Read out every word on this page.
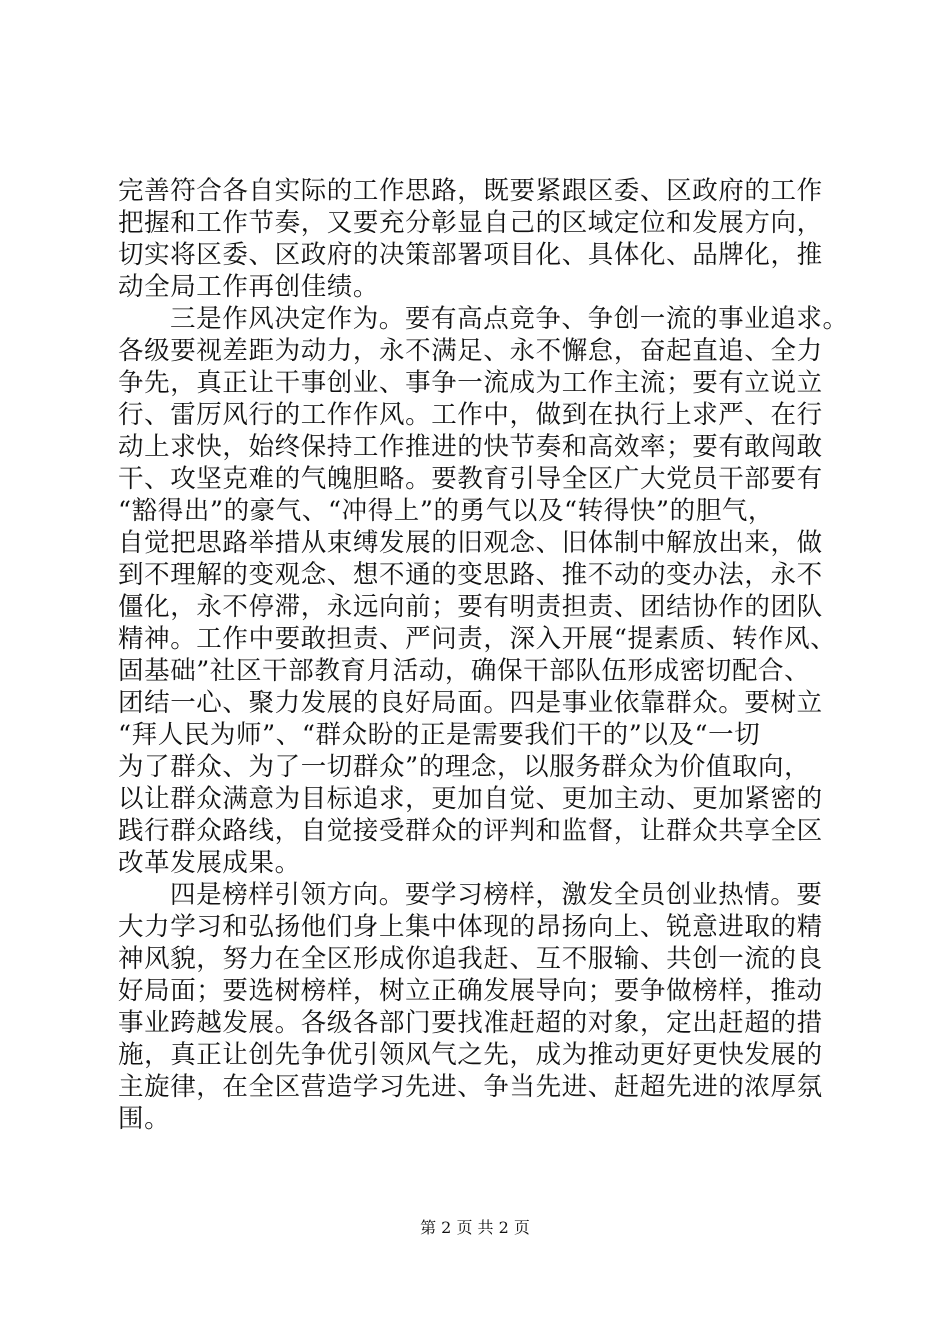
完善符合各自实际的工作思路，既要紧跟区委、区政府的工作
把握和工作节奏，又要充分彰显自己的区域定位和发展方向，
切实将区委、区政府的决策部署项目化、具体化、品牌化，推
动全局工作再创佳绩。
三是作风决定作为。要有高点竞争、争创一流的事业追求。
各级要视差距为动力，永不满足、永不懈怠，奋起直追、全力
争先，真正让干事创业、事争一流成为工作主流；要有立说立
行、雷厉风行的工作作风。工作中，做到在执行上求严、在行
动上求快，始终保持工作推进的快节奏和高效率；要有敢闯敢
干、攻坚克难的气魄胆略。要教育引导全区广大党员干部要有
“豁得出”的豪气、“冲得上”的勇气以及“转得快”的胆气，
自觉把思路举措从束缚发展的旧观念、旧体制中解放出来，做
到不理解的变观念、想不通的变思路、推不动的变办法，永不
僵化，永不停滞，永远向前；要有明责担责、团结协作的团队
精神。工作中要敢担责、严问责，深入开展“提素质、转作风、
固基础”社区干部教育月活动，确保干部队伍形成密切配合、
团结一心、聚力发展的良好局面。四是事业依靠群众。要树立
“拜人民为师”、“群众盼的正是需要我们干的”以及“一切
为了群众、为了一切群众”的理念，以服务群众为价值取向，
以让群众满意为目标追求，更加自觉、更加主动、更加紧密的
践行群众路线，自觉接受群众的评判和监督，让群众共享全区
改革发展成果。
四是榜样引领方向。要学习榜样，激发全员创业热情。要
大力学习和弘扬他们身上集中体现的昂扬向上、锐意进取的精
神风貌，努力在全区形成你追我赶、互不服输、共创一流的良
好局面；要选树榜样，树立正确发展导向；要争做榜样，推动
事业跨越发展。各级各部门要找准赶超的对象，定出赶超的措
施，真正让创先争优引领风气之先，成为推动更好更快发展的
主旋律，在全区营造学习先进、争当先进、赶超先进的浓厚氛
围。
第 2 页 共 2 页
